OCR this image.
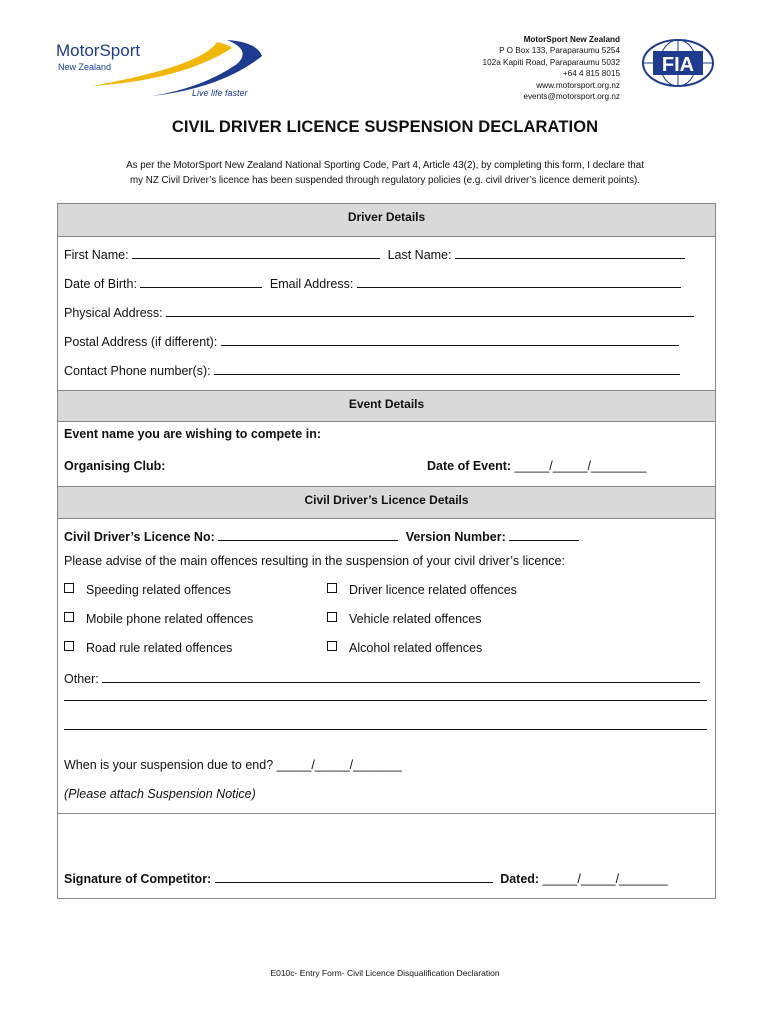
MotorSport
New Zealand
Live life faster
MotorSport New Zealand
P O Box 133, Paraparaumu 5254
102a Kapiti Road, Paraparaumu 5032
+64 4 815 8015
www.motorsport.org.nz
events@motorsport.org.nz
FIA
CIVIL DRIVER LICENCE SUSPENSION DECLARATION
As per the MotorSport New Zealand National Sporting Code, Part 4, Article 43(2), by completing this form, I declare that
my NZ Civil Driver’s licence has been suspended through regulatory policies (e.g. civil driver’s licence demerit points).
Driver Details
First Name:	Last Name:
Date of Birth:	Email Address:
Physical Address:
Postal Address (if different):
Contact Phone number(s):
Event Details
Event name you are wishing to compete in:
Organising Club:	Date of Event: _____/_____/________
Civil Driver’s Licence Details
Civil Driver’s Licence No:	Version Number:
Please advise of the main offences resulting in the suspension of your civil driver’s licence:
Speeding related offences	Driver licence related offences
Mobile phone related offences	Vehicle related offences
Road rule related offences	Alcohol related offences
Other:
When is your suspension due to end? _____/_____/_______
(Please attach Suspension Notice)
Signature of Competitor:	Dated: _____/_____/_______
E010c- Entry Form- Civil Licence Disqualification Declaration
